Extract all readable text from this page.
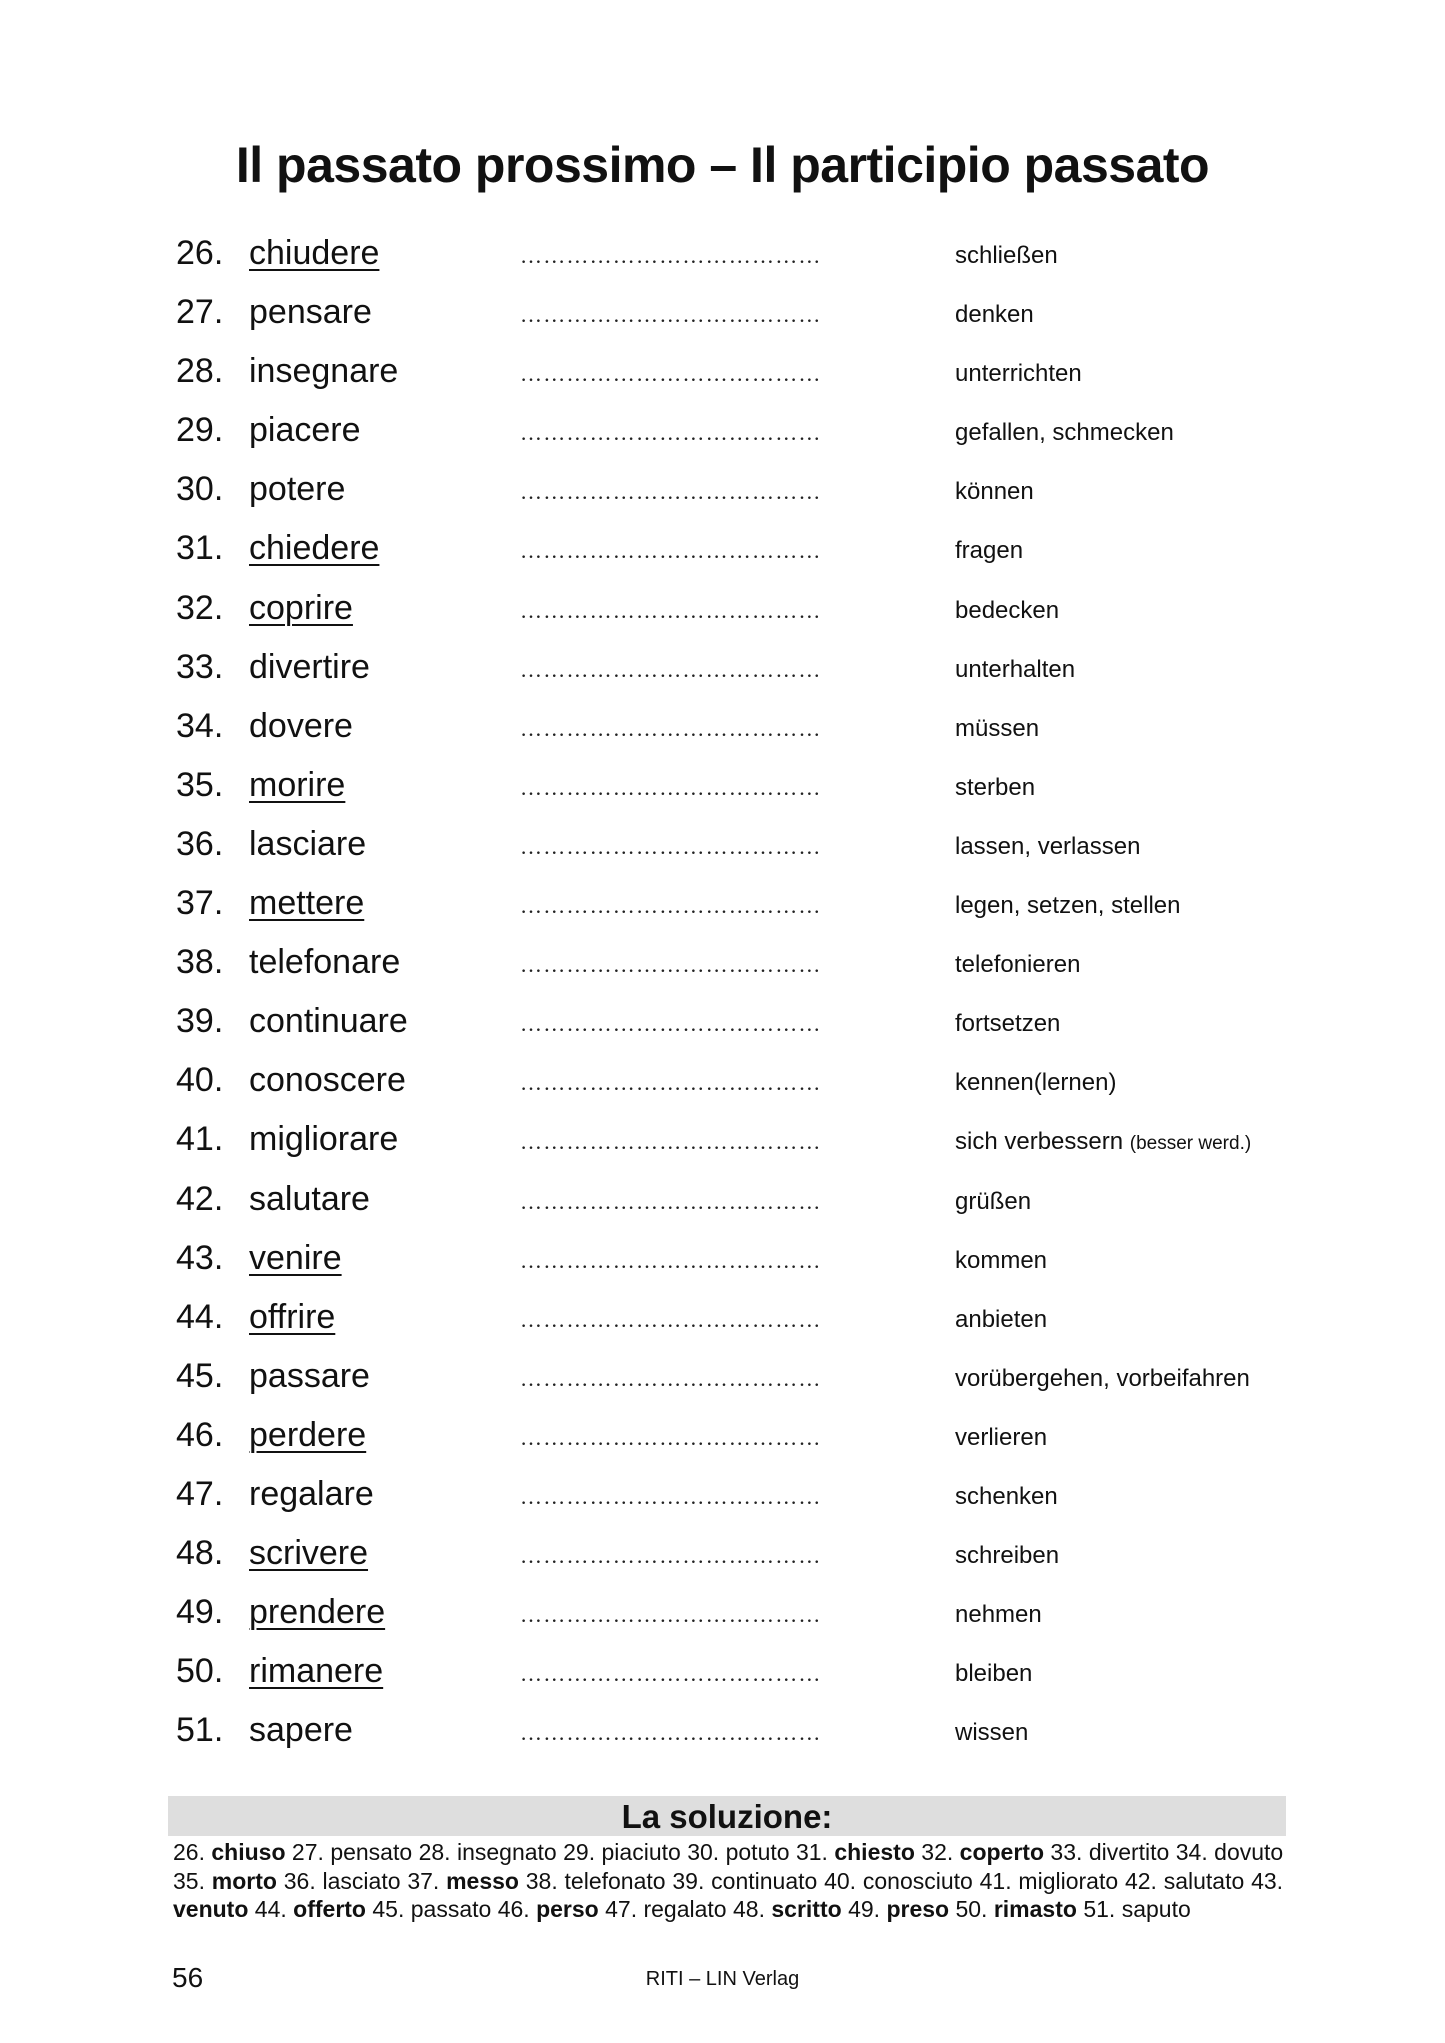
Il passato prossimo – Il participio passato
26. chiudere	…………………………………	schließen
27. pensare	…………………………………	denken
28. insegnare	…………………………………	unterrichten
29. piacere	…………………………………	gefallen, schmecken
30. potere	…………………………………	können
31. chiedere	…………………………………	fragen
32. coprire	…………………………………	bedecken
33. divertire	…………………………………	unterhalten
34. dovere	…………………………………	müssen
35. morire	…………………………………	sterben
36. lasciare	…………………………………	lassen, verlassen
37. mettere	…………………………………	legen, setzen, stellen
38. telefonare	…………………………………	telefonieren
39. continuare	…………………………………	fortsetzen
40. conoscere	…………………………………	kennen(lernen)
41. migliorare	…………………………………	sich verbessern (besser werd.)
42. salutare	…………………………………	grüßen
43. venire	…………………………………	kommen
44. offrire	…………………………………	anbieten
45. passare	…………………………………	vorübergehen, vorbeifahren
46. perdere	…………………………………	verlieren
47. regalare	…………………………………	schenken
48. scrivere	…………………………………	schreiben
49. prendere	…………………………………	nehmen
50. rimanere	…………………………………	bleiben
51. sapere	…………………………………	wissen
La soluzione:
26. chiuso 27. pensato 28. insegnato 29. piaciuto 30. potuto 31. chiesto 32. coperto 33. divertito 34. dovuto 35. morto 36. lasciato 37. messo 38. telefonato 39. continuato 40. conosciuto 41. migliorato 42. salutato 43. venuto 44. offerto 45. passato 46. perso 47. regalato 48. scritto 49. preso 50. rimasto 51. saputo
56	RITI – LIN Verlag
